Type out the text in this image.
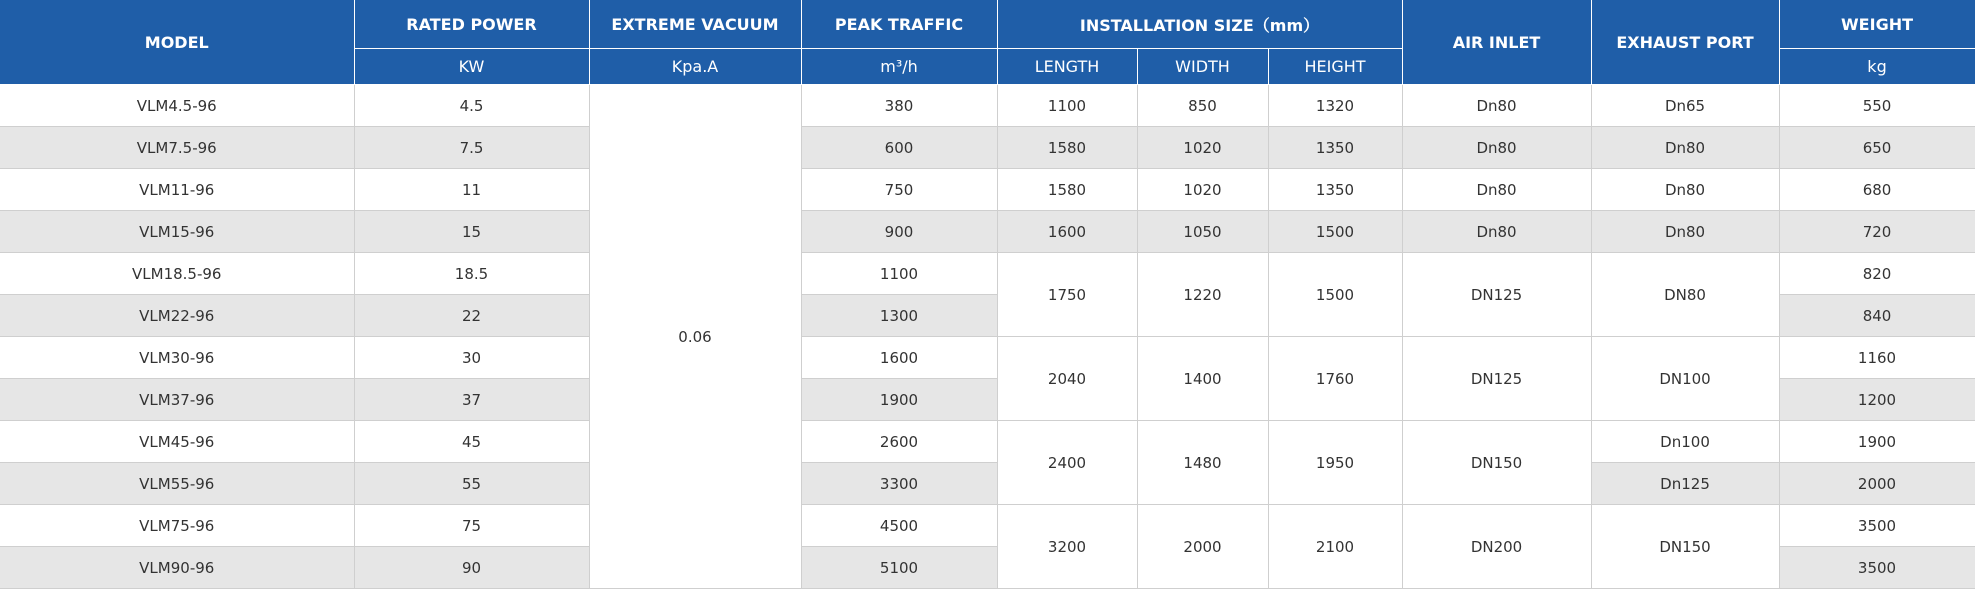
MODEL	RATED POWER	EXTREME VACUUM	PEAK TRAFFIC	INSTALLATION SIZE（mm）			AIR INLET	EXHAUST PORT	WEIGHT
	KW	Kpa.A	m³/h	LENGTH	WIDTH	HEIGHT			kg
VLM4.5-96	4.5	0.06	380	1100	850	1320	Dn80	Dn65	550
VLM7.5-96	7.5		600	1580	1020	1350	Dn80	Dn80	650
VLM11-96	11		750	1580	1020	1350	Dn80	Dn80	680
VLM15-96	15		900	1600	1050	1500	Dn80	Dn80	720
VLM18.5-96	18.5		1100	1750	1220	1500	DN125	DN80	820
VLM22-96	22		1300						840
VLM30-96	30		1600	2040	1400	1760	DN125	DN100	1160
VLM37-96	37		1900						1200
VLM45-96	45		2600	2400	1480	1950	DN150	Dn100	1900
VLM55-96	55		3300					Dn125	2000
VLM75-96	75		4500	3200	2000	2100	DN200	DN150	3500
VLM90-96	90		5100						3500
